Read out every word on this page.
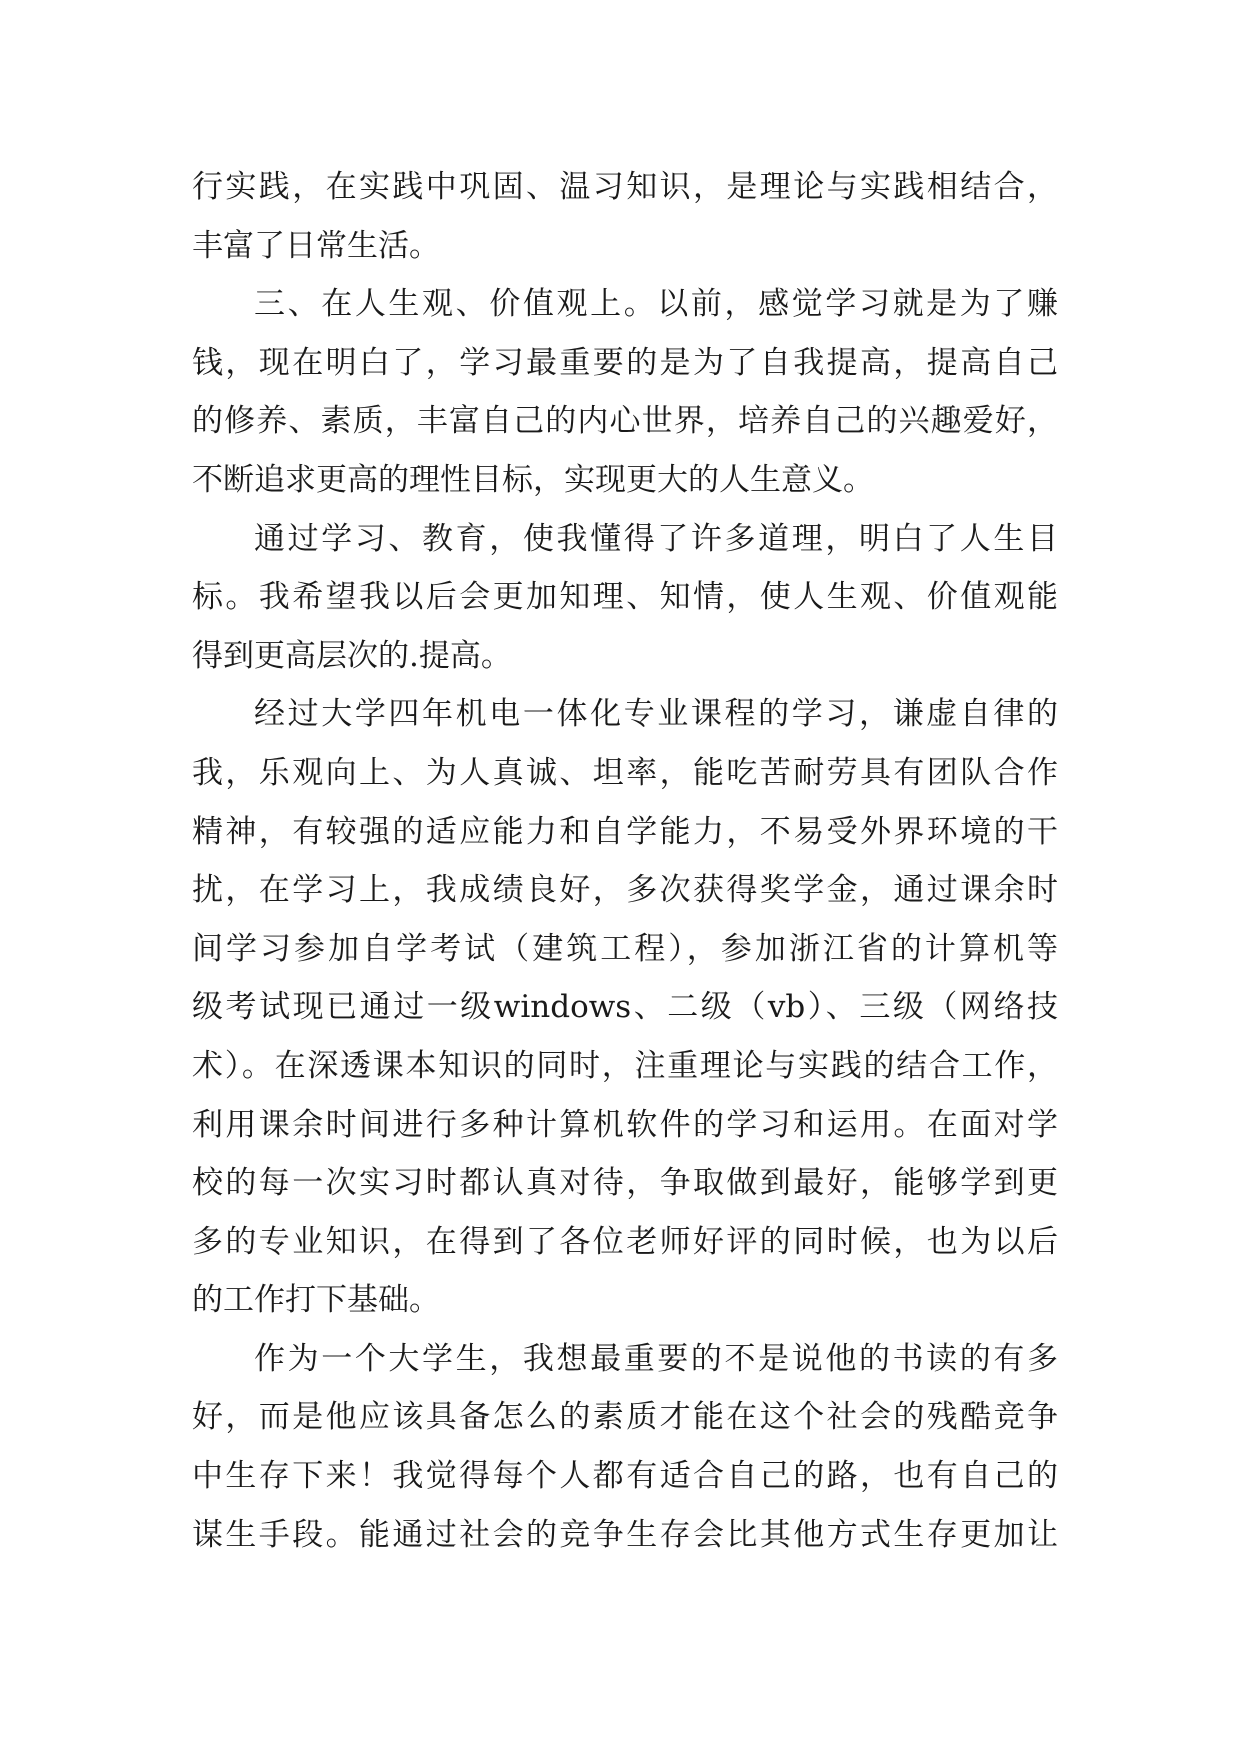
行实践，在实践中巩固、温习知识，是理论与实践相结合，
丰富了日常生活。
三、在人生观、价值观上。以前，感觉学习就是为了赚
钱，现在明白了，学习最重要的是为了自我提高，提高自己
的修养、素质，丰富自己的内心世界，培养自己的兴趣爱好，
不断追求更高的理性目标，实现更大的人生意义。
通过学习、教育，使我懂得了许多道理，明白了人生目
标。我希望我以后会更加知理、知情，使人生观、价值观能
得到更高层次的.提高。
经过大学四年机电一体化专业课程的学习，谦虚自律的
我，乐观向上、为人真诚、坦率，能吃苦耐劳具有团队合作
精神，有较强的适应能力和自学能力，不易受外界环境的干
扰，在学习上，我成绩良好，多次获得奖学金，通过课余时
间学习参加自学考试（建筑工程），参加浙江省的计算机等
级考试现已通过一级windows、二级（vb）、三级（网络技
术）。在深透课本知识的同时，注重理论与实践的结合工作，
利用课余时间进行多种计算机软件的学习和运用。在面对学
校的每一次实习时都认真对待，争取做到最好，能够学到更
多的专业知识，在得到了各位老师好评的同时候，也为以后
的工作打下基础。
作为一个大学生，我想最重要的不是说他的书读的有多
好，而是他应该具备怎么的素质才能在这个社会的残酷竞争
中生存下来！我觉得每个人都有适合自己的路，也有自己的
谋生手段。能通过社会的竞争生存会比其他方式生存更加让
